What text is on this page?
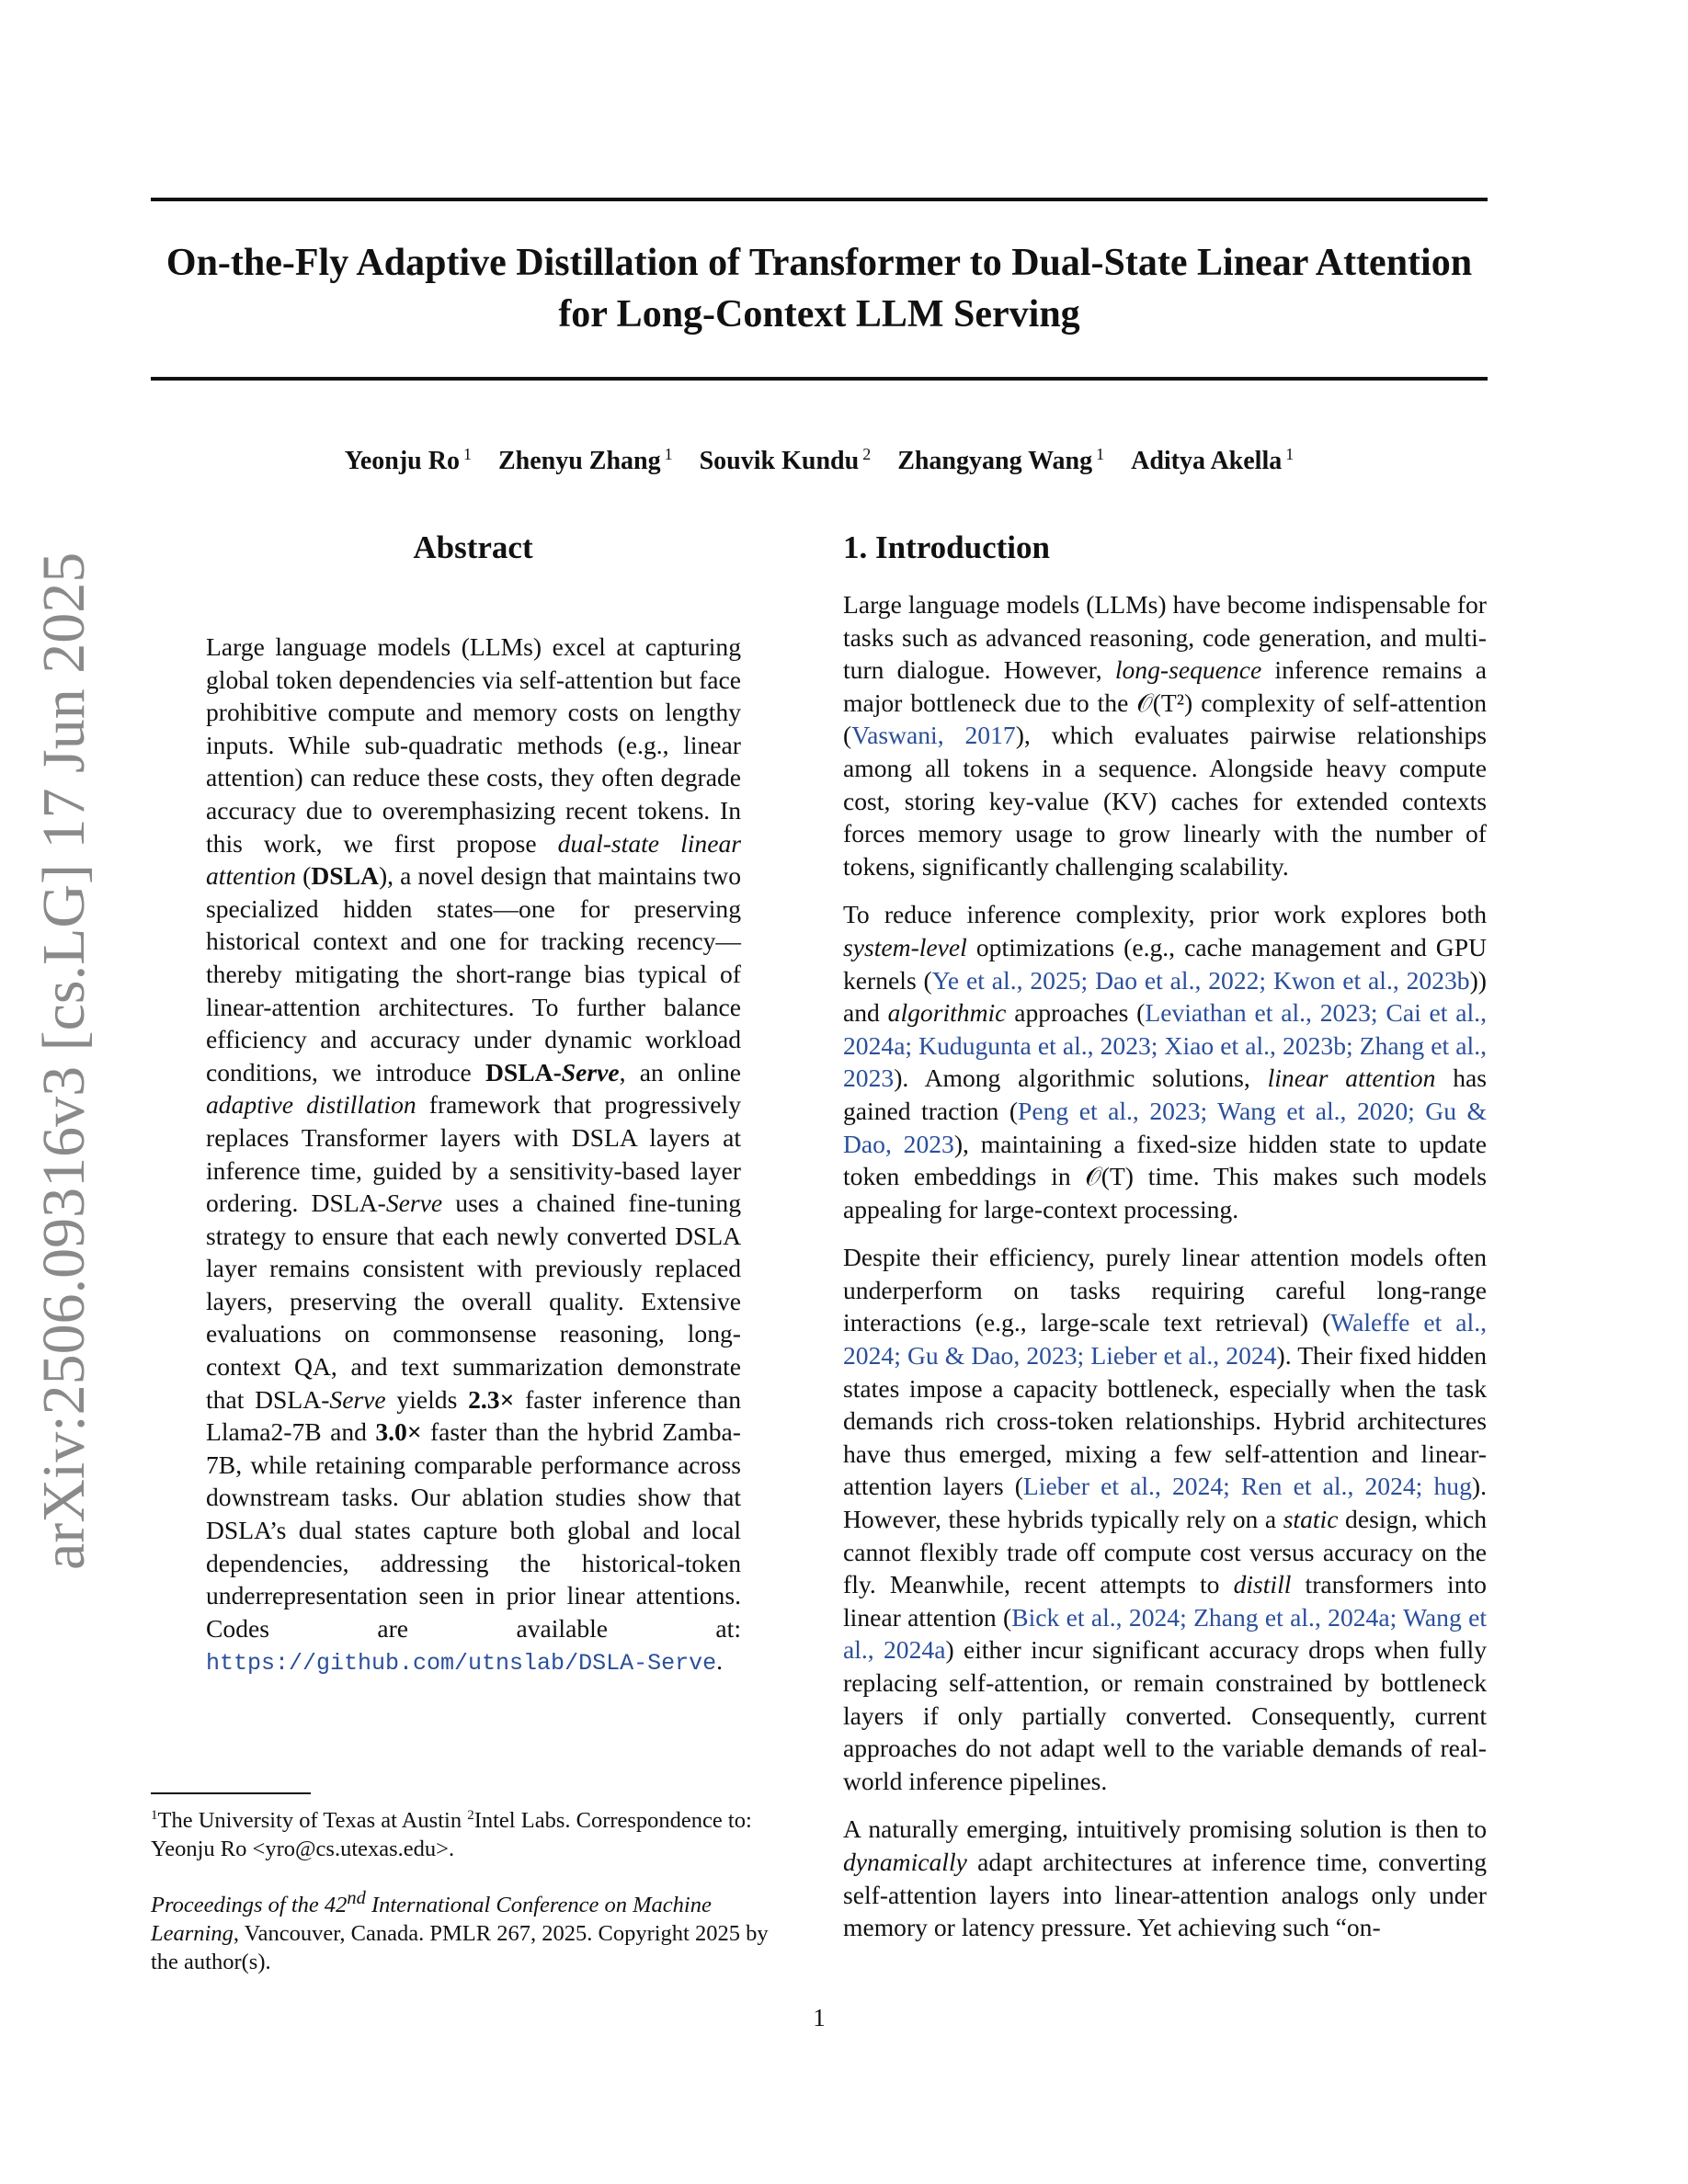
On-the-Fly Adaptive Distillation of Transformer to Dual-State Linear Attention
for Long-Context LLM Serving
Yeonju Ro $^1$ Zhenyu Zhang $^1$ Souvik Kundu $^2$ Zhangyang Wang $^1$ Aditya Akella $^1$
arXiv:2506.09316v3 [cs.LG] 17 Jun 2025
Abstract

Large language models (LLMs) excel at capturing global token dependencies via self-attention but face prohibitive compute and memory costs on lengthy inputs. While sub-quadratic methods (e.g., linear attention) can reduce these costs, they often degrade accuracy due to overemphasizing recent tokens. In this work, we first propose dual-state linear attention (DSLA), a novel design that maintains two specialized hidden states—one for preserving historical context and one for tracking recency—thereby mitigating the short-range bias typical of linear-attention architectures. To further balance efficiency and accuracy under dynamic workload conditions, we introduce DSLA-Serve, an online adaptive distillation framework that progressively replaces Transformer layers with DSLA layers at inference time, guided by a sensitivity-based layer ordering. DSLA-Serve uses a chained fine-tuning strategy to ensure that each newly converted DSLA layer remains consistent with previously replaced layers, preserving the overall quality. Extensive evaluations on commonsense reasoning, long-context QA, and text summarization demonstrate that DSLA-Serve yields 2.3× faster inference than Llama2-7B and 3.0× faster than the hybrid Zamba-7B, while retaining comparable performance across downstream tasks. Our ablation studies show that DSLA’s dual states capture both global and local dependencies, addressing the historical-token underrepresentation seen in prior linear attentions. Codes are available at: https://github.com/utnslab/DSLA-Serve.

$^1$The University of Texas at Austin $^2$Intel Labs. Correspondence to: Yeonju Ro <yro@cs.utexas.edu>.

Proceedings of the 42nd International Conference on Machine Learning, Vancouver, Canada. PMLR 267, 2025. Copyright 2025 by the author(s).

1. Introduction

Large language models (LLMs) have become indispensable for tasks such as advanced reasoning, code generation, and multi-turn dialogue. However, long-sequence inference remains a major bottleneck due to the 𝒪(T²) complexity of self-attention (Vaswani, 2017), which evaluates pairwise relationships among all tokens in a sequence. Alongside heavy compute cost, storing key-value (KV) caches for extended contexts forces memory usage to grow linearly with the number of tokens, significantly challenging scalability.

To reduce inference complexity, prior work explores both system-level optimizations (e.g., cache management and GPU kernels (Ye et al., 2025; Dao et al., 2022; Kwon et al., 2023b)) and algorithmic approaches (Leviathan et al., 2023; Cai et al., 2024a; Kudugunta et al., 2023; Xiao et al., 2023b; Zhang et al., 2023). Among algorithmic solutions, linear attention has gained traction (Peng et al., 2023; Wang et al., 2020; Gu & Dao, 2023), maintaining a fixed-size hidden state to update token embeddings in 𝒪(T) time. This makes such models appealing for large-context processing.

Despite their efficiency, purely linear attention models often underperform on tasks requiring careful long-range interactions (e.g., large-scale text retrieval) (Waleffe et al., 2024; Gu & Dao, 2023; Lieber et al., 2024). Their fixed hidden states impose a capacity bottleneck, especially when the task demands rich cross-token relationships. Hybrid architectures have thus emerged, mixing a few self-attention and linear-attention layers (Lieber et al., 2024; Ren et al., 2024; hug). However, these hybrids typically rely on a static design, which cannot flexibly trade off compute cost versus accuracy on the fly. Meanwhile, recent attempts to distill transformers into linear attention (Bick et al., 2024; Zhang et al., 2024a; Wang et al., 2024a) either incur significant accuracy drops when fully replacing self-attention, or remain constrained by bottleneck layers if only partially converted. Consequently, current approaches do not adapt well to the variable demands of real-world inference pipelines.

A naturally emerging, intuitively promising solution is then to dynamically adapt architectures at inference time, converting self-attention layers into linear-attention analogs only under memory or latency pressure. Yet achieving such “on-

1
